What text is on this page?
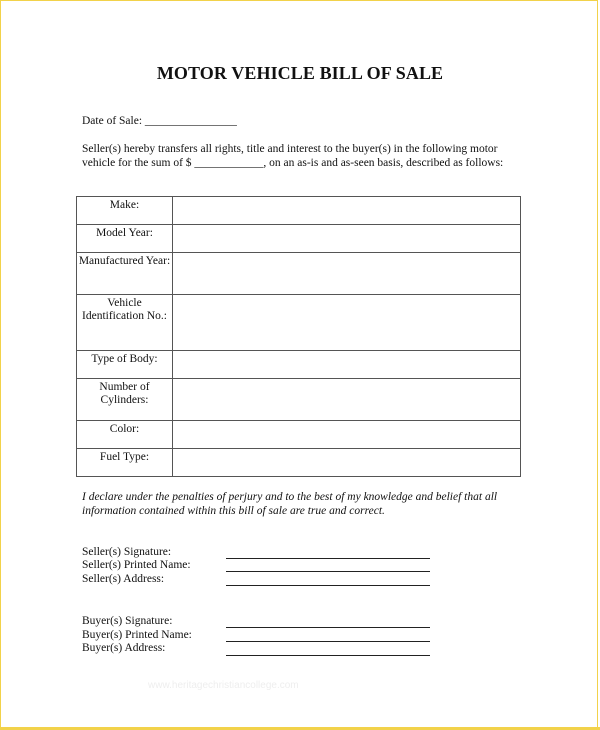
MOTOR VEHICLE BILL OF SALE
Date of Sale: ________________
Seller(s) hereby transfers all rights, title and interest to the buyer(s) in the following motor vehicle for the sum of $ ____________, on an as-is and as-seen basis, described as follows:
Make:	
Model Year:	
Manufactured Year:	
Vehicle Identification No.:	
Type of Body:	
Number of Cylinders:	
Color:	
Fuel Type:	
I declare under the penalties of perjury and to the best of my knowledge and belief that all information contained within this bill of sale are true and correct.
Seller(s) Signature:
Seller(s) Printed Name:
Seller(s) Address:
Buyer(s) Signature:
Buyer(s) Printed Name:
Buyer(s) Address:
www.heritagechristiancollege.com
